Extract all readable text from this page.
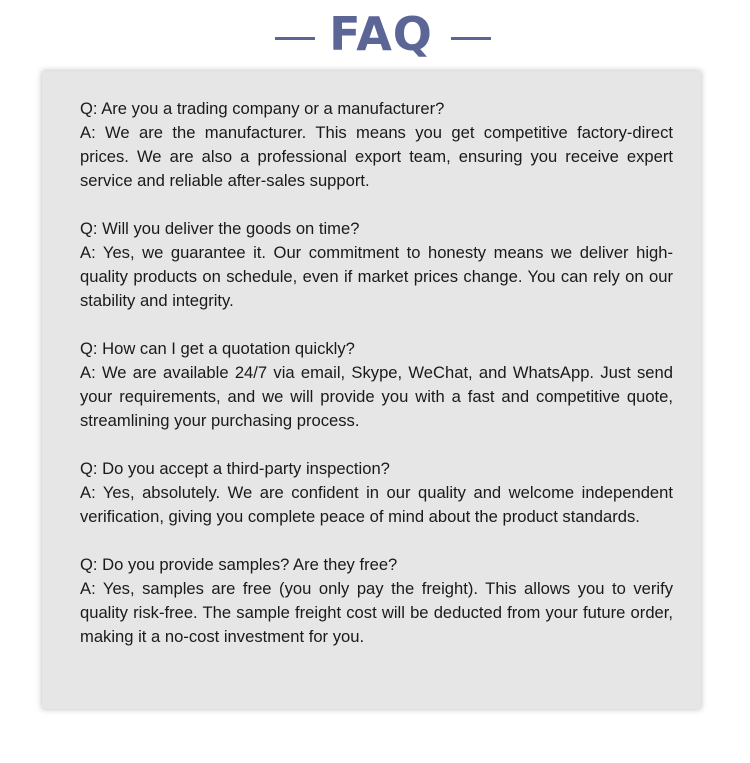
FAQ
Q: Are you a trading company or a manufacturer?
A: We are the manufacturer. This means you get competitive factory-direct prices. We are also a professional export team, ensuring you receive expert service and reliable after-sales support.
Q: Will you deliver the goods on time?
A: Yes, we guarantee it. Our commitment to honesty means we deliver high-quality products on schedule, even if market prices change. You can rely on our stability and integrity.
Q: How can I get a quotation quickly?
A: We are available 24/7 via email, Skype, WeChat, and WhatsApp. Just send your requirements, and we will provide you with a fast and competitive quote, streamlining your purchasing process.
Q: Do you accept a third-party inspection?
A: Yes, absolutely. We are confident in our quality and welcome independent verification, giving you complete peace of mind about the product standards.
Q: Do you provide samples? Are they free?
A: Yes, samples are free (you only pay the freight). This allows you to verify quality risk-free. The sample freight cost will be deducted from your future order, making it a no-cost investment for you.
